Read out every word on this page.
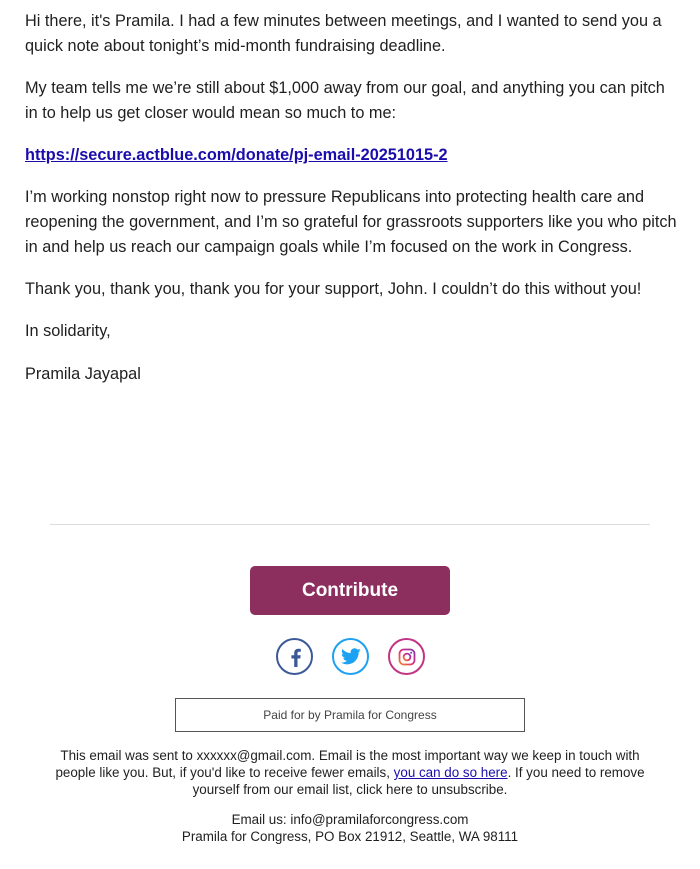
Hi there, it's Pramila. I had a few minutes between meetings, and I wanted to send you a quick note about tonight’s mid-month fundraising deadline.

My team tells me we’re still about $1,000 away from our goal, and anything you can pitch in to help us get closer would mean so much to me:

https://secure.actblue.com/donate/pj-email-20251015-2

I’m working nonstop right now to pressure Republicans into protecting health care and reopening the government, and I’m so grateful for grassroots supporters like you who pitch in and help us reach our campaign goals while I’m focused on the work in Congress.

Thank you, thank you, thank you for your support, John. I couldn’t do this without you!

In solidarity,

Pramila Jayapal

Contribute
Paid for by Pramila for Congress

This email was sent to xxxxxx@gmail.com. Email is the most important way we keep in touch with people like you. But, if you'd like to receive fewer emails, you can do so here. If you need to remove yourself from our email list, click here to unsubscribe.

Email us: info@pramilaforcongress.com

Pramila for Congress, PO Box 21912, Seattle, WA 98111
